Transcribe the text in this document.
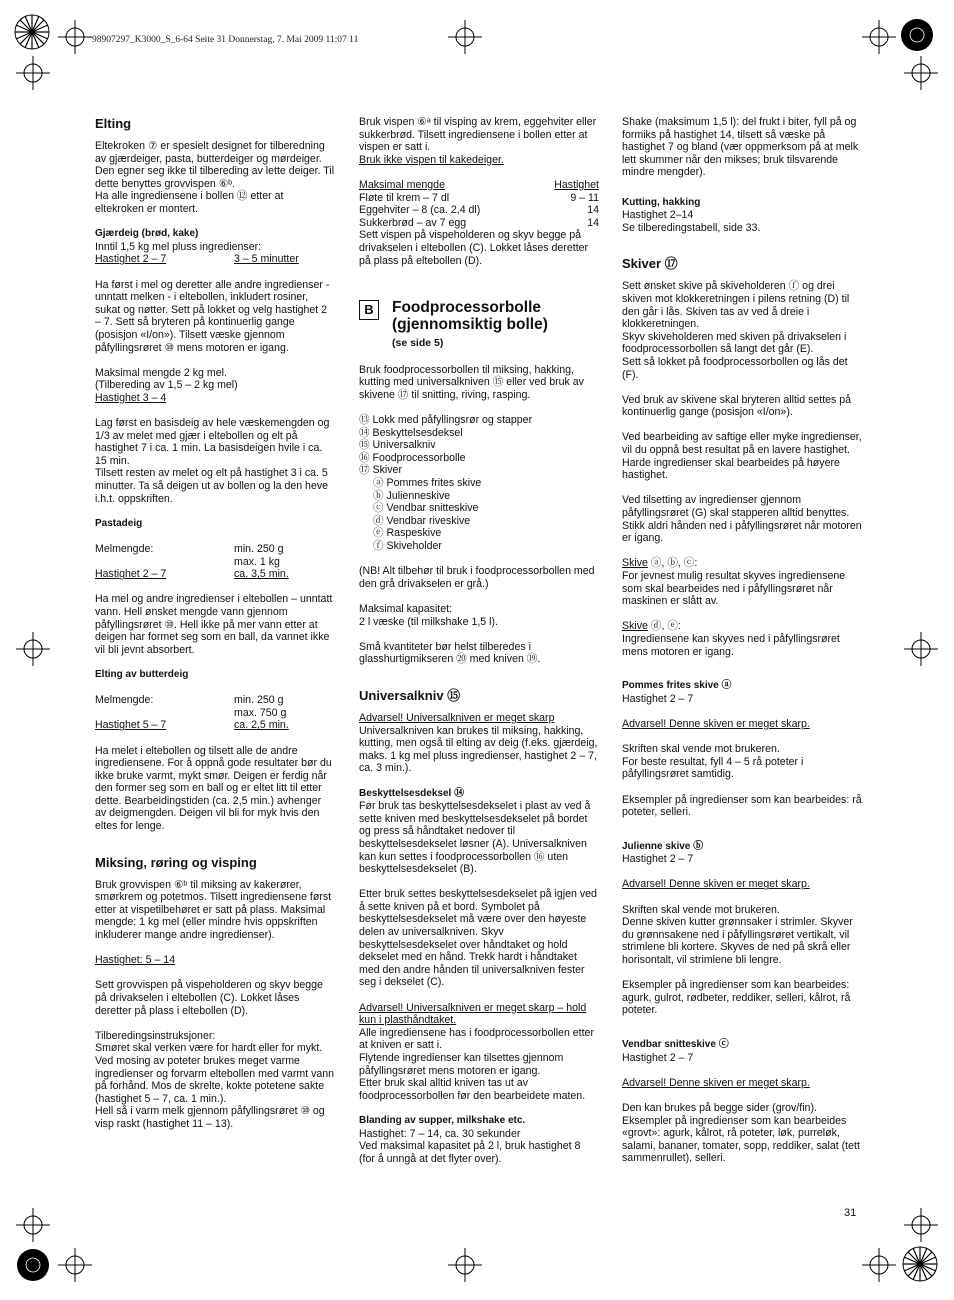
98907297_K3000_S_6-64 Seite 31 Donnerstag, 7. Mai 2009 11:07 11

Elting

Eltekroken ⑦ er spesielt designet for tilberedning av gjærdeiger, pasta, butterdeiger og mørdeiger.

Den egner seg ikke til tilbereding av lette deiger. Til dette benyttes grovvispen ⑥ᵇ.

Ha alle ingrediensene i bollen ⑫ etter at eltekroken er montert.

Gjærdeig (brød, kake)

Inntil 1,5 kg mel pluss ingredienser:

Hastighet 2 – 7	3 – 5 minutter

Ha først i mel og deretter alle andre ingredienser - unntatt melken - i eltebollen, inkludert rosiner, sukat og nøtter. Sett på lokket og velg hastighet 2 – 7. Sett så bryteren på kontinuerlig gange (posisjon «I/on»). Tilsett væske gjennom påfyllingsrøret ⑩ mens motoren er igang.

Maksimal mengde 2 kg mel.

(Tilbereding av 1,5 – 2 kg mel)

Hastighet 3 – 4

Lag først en basisdeig av hele væskemengden og 1/3 av melet med gjær i eltebollen og elt på hastighet 7 i ca. 1 min. La basisdeigen hvile i ca. 15 min.

Tilsett resten av melet og elt på hastighet 3 i ca. 5 minutter. Ta så deigen ut av bollen og la den heve i.h.t. oppskriften.

Pastadeig

Melmengde:	min. 250 g
max. 1 kg
Hastighet 2 – 7	ca. 3,5 min.

Ha mel og andre ingredienser i eltebollen – unntatt vann. Hell ønsket mengde vann gjennom påfyllingsrøret ⑩. Hell ikke på mer vann etter at deigen har formet seg som en ball, da vannet ikke vil bli jevnt absorbert.

Elting av butterdeig

Melmengde:	min. 250 g
max. 750 g
Hastighet 5 – 7	ca. 2,5 min.

Ha melet i eltebollen og tilsett alle de andre ingrediensene. For å oppnå gode resultater bør du ikke bruke varmt, mykt smør. Deigen er ferdig når den former seg som en ball og er eltet litt til etter dette. Bearbeidingstiden (ca. 2,5 min.) avhenger av deigmengden. Deigen vil bli for myk hvis den eltes for lenge.

Miksing, røring og visping

Bruk grovvispen ⑥ᵇ til miksing av kakerører, smørkrem og potetmos. Tilsett ingrediensene først etter at vispetilbehøret er satt på plass. Maksimal mengde: 1 kg mel (eller mindre hvis oppskriften inkluderer mange andre ingredienser).

Hastighet: 5 – 14

Sett grovvispen på vispeholderen og skyv begge på drivakselen i eltebollen (C). Lokket låses deretter på plass i eltebollen (D).

Tilberedingsinstruksjoner:

Smøret skal verken være for hardt eller for mykt. Ved mosing av poteter brukes meget varme ingredienser og forvarm eltebollen med varmt vann på forhånd. Mos de skrelte, kokte potetene sakte (hastighet 5 – 7, ca. 1 min.).

Hell så i varm melk gjennom påfyllingsrøret ⑩ og visp raskt (hastighet 11 – 13).

Bruk vispen ⑥ᵃ til visping av krem, eggehviter eller sukkerbrød. Tilsett ingrediensene i bollen etter at vispen er satt i.

Bruk ikke vispen til kakedeiger.

Maksimal mengde	Hastighet
Fløte til krem – 7 dl	9 – 11
Eggehviter – 8 (ca. 2,4 dl)	14
Sukkerbrød – av 7 egg	14

Sett vispen på vispeholderen og skyv begge på drivakselen i eltebollen (C). Lokket låses deretter på plass på eltebollen (D).

B	Foodprocessorbolle (gjennomsiktig bolle)
(se side 5)

Bruk foodprocessorbollen til miksing, hakking, kutting med universalkniven ⑮ eller ved bruk av skivene ⑰ til snitting, riving, rasping.

⑬ Lokk med påfyllingsrør og stapper

⑭ Beskyttelsesdeksel

⑮ Universalkniv

⑯ Foodprocessorbolle

⑰ Skiver

ⓐ Pommes frites skive

ⓑ Julienneskive

ⓒ Vendbar snitteskive

ⓓ Vendbar riveskive

ⓔ Raspeskive

ⓕ Skiveholder

(NB! Alt tilbehør til bruk i foodprocessorbollen med den grå drivakselen er grå.)

Maksimal kapasitet:

2 l væske (til milkshake 1,5 l).

Små kvantiteter bør helst tilberedes i glasshurtigmikseren ⑳ med kniven ⑲.

Universalkniv ⑮

Advarsel! Universalkniven er meget skarp

Universalkniven kan brukes til miksing, hakking, kutting, men også til elting av deig (f.eks. gjærdeig, maks. 1 kg mel pluss ingredienser, hastighet 2 – 7, ca. 3 min.).

Beskyttelsesdeksel ⑭

Før bruk tas beskyttelsesdekselet i plast av ved å sette kniven med beskyttelsesdekselet på bordet og press så håndtaket nedover til beskyttelsesdekselet løsner (A). Universalkniven kan kun settes i foodprocessorbollen ⑯ uten beskyttelsesdekselet (B).

Etter bruk settes beskyttelsesdekselet på igjen ved å sette kniven på et bord. Symbolet på beskyttelsesdekselet må være over den høyeste delen av universalkniven. Skyv beskyttelsesdekselet over håndtaket og hold dekselet med en hånd. Trekk hardt i håndtaket med den andre hånden til universalkniven fester seg i dekselet (C).

Advarsel! Universalkniven er meget skarp – hold kun i plasthåndtaket.

Alle ingrediensene has i foodprocessorbollen etter at kniven er satt i.

Flytende ingredienser kan tilsettes gjennom påfyllingsrøret mens motoren er igang.

Etter bruk skal alltid kniven tas ut av foodprocessorbollen før den bearbeidete maten.

Blanding av supper, milkshake etc.

Hastighet: 7 – 14, ca. 30 sekunder

Ved maksimal kapasitet på 2 l, bruk hastighet 8 (for å unngå at det flyter over).

Shake (maksimum 1,5 l): del frukt i biter, fyll på og formiks på hastighet 14, tilsett så væske på hastighet 7 og bland (vær oppmerksom på at melk lett skummer når den mikses; bruk tilsvarende mindre mengder).

Kutting, hakking

Hastighet 2–14

Se tilberedingstabell, side 33.

Skiver ⑰

Sett ønsket skive på skiveholderen ⓕ og drei skiven mot klokkeretningen i pilens retning (D) til den går i lås. Skiven tas av ved å dreie i klokkeretningen.

Skyv skiveholderen med skiven på drivakselen i foodprocessorbollen så langt det går (E).

Sett så lokket på foodprocessorbollen og lås det (F).

Ved bruk av skivene skal bryteren alltid settes på kontinuerlig gange (posisjon «I/on»).

Ved bearbeiding av saftige eller myke ingredienser, vil du oppnå best resultat på en lavere hastighet. Harde ingredienser skal bearbeides på høyere hastighet.

Ved tilsetting av ingredienser gjennom påfyllingsrøret (G) skal stapperen alltid benyttes. Stikk aldri hånden ned i påfyllingsrøret når motoren er igang.

Skive ⓐ, ⓑ, ⓒ:

For jevnest mulig resultat skyves ingrediensene som skal bearbeides ned i påfyllingsrøret når maskinen er slått av.

Skive ⓓ, ⓔ:

Ingrediensene kan skyves ned i påfyllingsrøret mens motoren er igang.

Pommes frites skive ⓐ

Hastighet 2 – 7

Advarsel! Denne skiven er meget skarp.

Skriften skal vende mot brukeren.

For beste resultat, fyll 4 – 5 rå poteter i påfyllingsrøret samtidig.

Eksempler på ingredienser som kan bearbeides: rå poteter, selleri.

Julienne skive ⓑ

Hastighet 2 – 7

Advarsel! Denne skiven er meget skarp.

Skriften skal vende mot brukeren.

Denne skiven kutter grønnsaker i strimler. Skyver du grønnsakene ned i påfyllingsrøret vertikalt, vil strimlene bli kortere. Skyves de ned på skrå eller horisontalt, vil strimlene bli lengre.

Eksempler på ingredienser som kan bearbeides: agurk, gulrot, rødbeter, reddiker, selleri, kålrot, rå poteter.

Vendbar snitteskive ⓒ

Hastighet 2 – 7

Advarsel! Denne skiven er meget skarp.

Den kan brukes på begge sider (grov/fin).

Eksempler på ingredienser som kan bearbeides «grovt»: agurk, kålrot, rå poteter, løk, purreløk, salami, bananer, tomater, sopp, reddiker, salat (tett sammenrullet), selleri.

31
